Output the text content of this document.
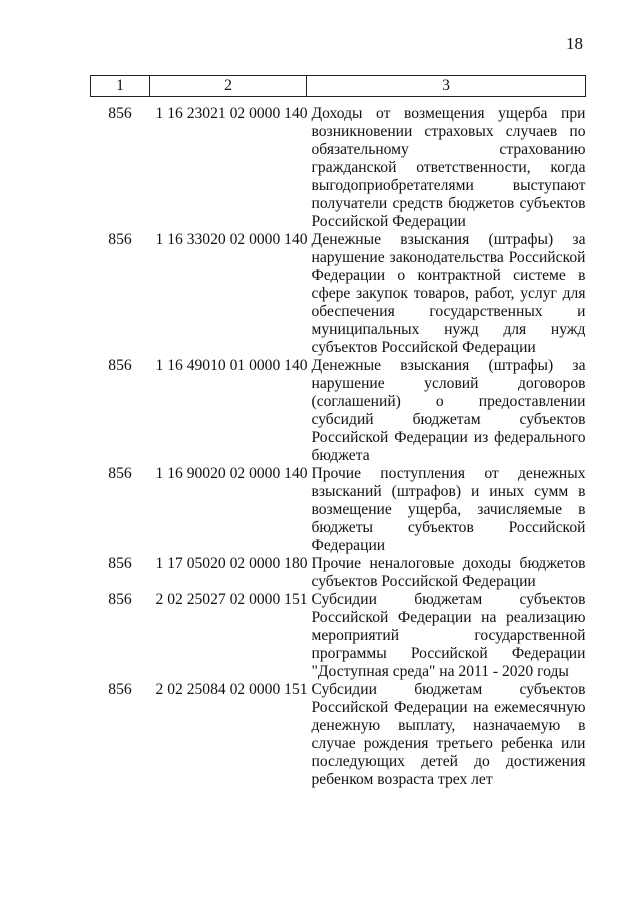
18
1	2	3
856	1 16 23021 02 0000 140	Доходы от возмещения ущерба при возникновении страховых случаев по обязательному страхованию гражданской ответственности, когда выгодоприобретателями выступают получатели средств бюджетов субъектов Российской Федерации
856	1 16 33020 02 0000 140	Денежные взыскания (штрафы) за нарушение законодательства Российской Федерации о контрактной системе в сфере закупок товаров, работ, услуг для обеспечения государственных и муниципальных нужд для нужд субъектов Российской Федерации
856	1 16 49010 01 0000 140	Денежные взыскания (штрафы) за нарушение условий договоров (соглашений) о предоставлении субсидий бюджетам субъектов Российской Федерации из федерального бюджета
856	1 16 90020 02 0000 140	Прочие поступления от денежных взысканий (штрафов) и иных сумм в возмещение ущерба, зачисляемые в бюджеты субъектов Российской Федерации
856	1 17 05020 02 0000 180	Прочие неналоговые доходы бюджетов субъектов Российской Федерации
856	2 02 25027 02 0000 151	Субсидии бюджетам субъектов Российской Федерации на реализацию мероприятий государственной программы Российской Федерации "Доступная среда" на 2011 - 2020 годы
856	2 02 25084 02 0000 151	Субсидии бюджетам субъектов Российской Федерации на ежемесячную денежную выплату, назначаемую в случае рождения третьего ребенка или последующих детей до достижения ребенком возраста трех лет
